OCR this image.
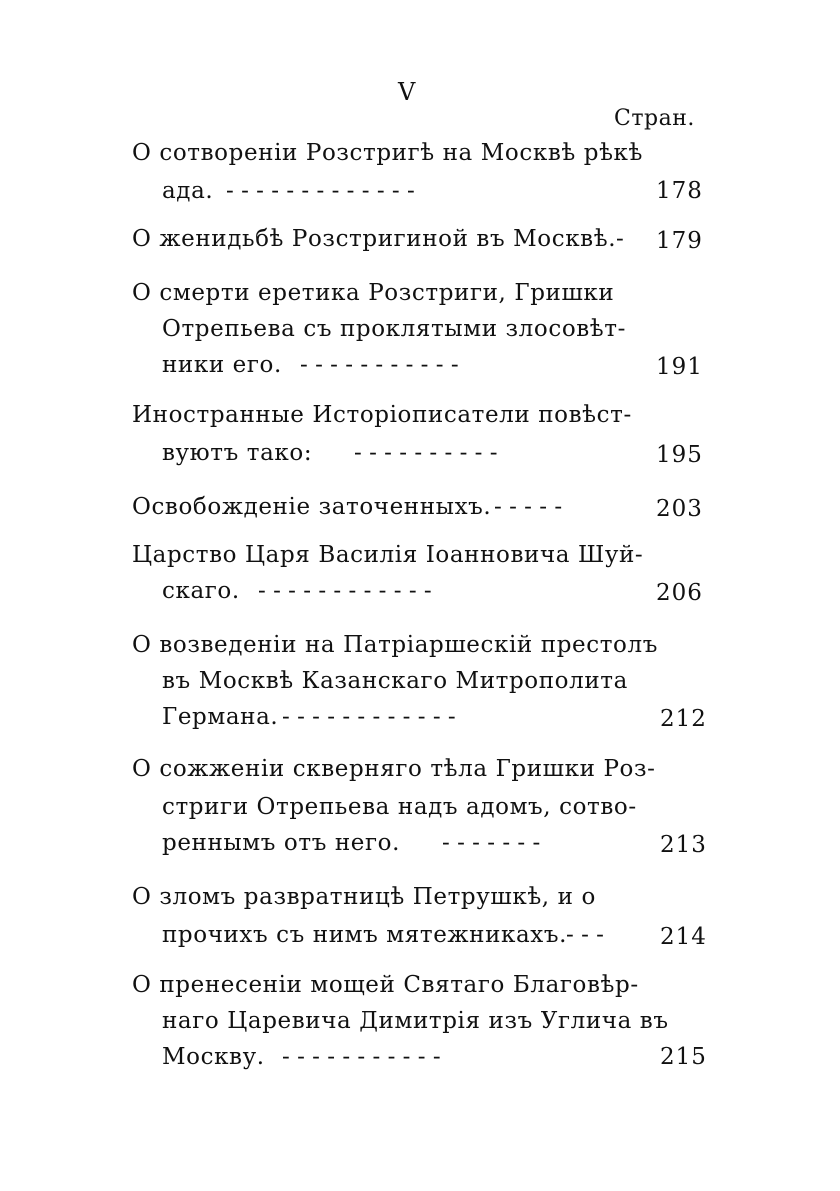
V
Стран.
О сотвореніи Розстригѣ на Москвѣ рѣкѣ
ада. - - - - - - - - - - - - -	178
О женидьбѣ Розстригиной въ Москвѣ. - 179
О смерти еретика Розстриги, Гришки
Отрепьева съ проклятыми злосовѣт-
ники его. - - - - - - - - - - -	191
Иностранные Исторіописатели повѣст-
вуютъ тако: - - - - - - - - - -	195
Освобожденіе заточенныхъ. - - - - -	203
Царство Царя Василія Іоанновича Шуй-
скаго. - - - - - - - - - - - -	206
О возведеніи на Патріаршескій престолъ
въ Москвѣ Казанскаго Митрополита
Германа. - - - - - - - - - - - -	212
О сожженіи скверняго тѣла Гришки Роз-
стриги Отрепьева надъ адомъ, сотво-
реннымъ отъ него. - - - - - - -	213
О зломъ развратницѣ Петрушкѣ, и о
прочихъ съ нимъ мятежникахъ.
- - - 214
О пренесеніи мощей Святаго Благовѣр-
наго Царевича Димитрія изъ Углича въ
Москву. - - - - - - - - - - -	215
